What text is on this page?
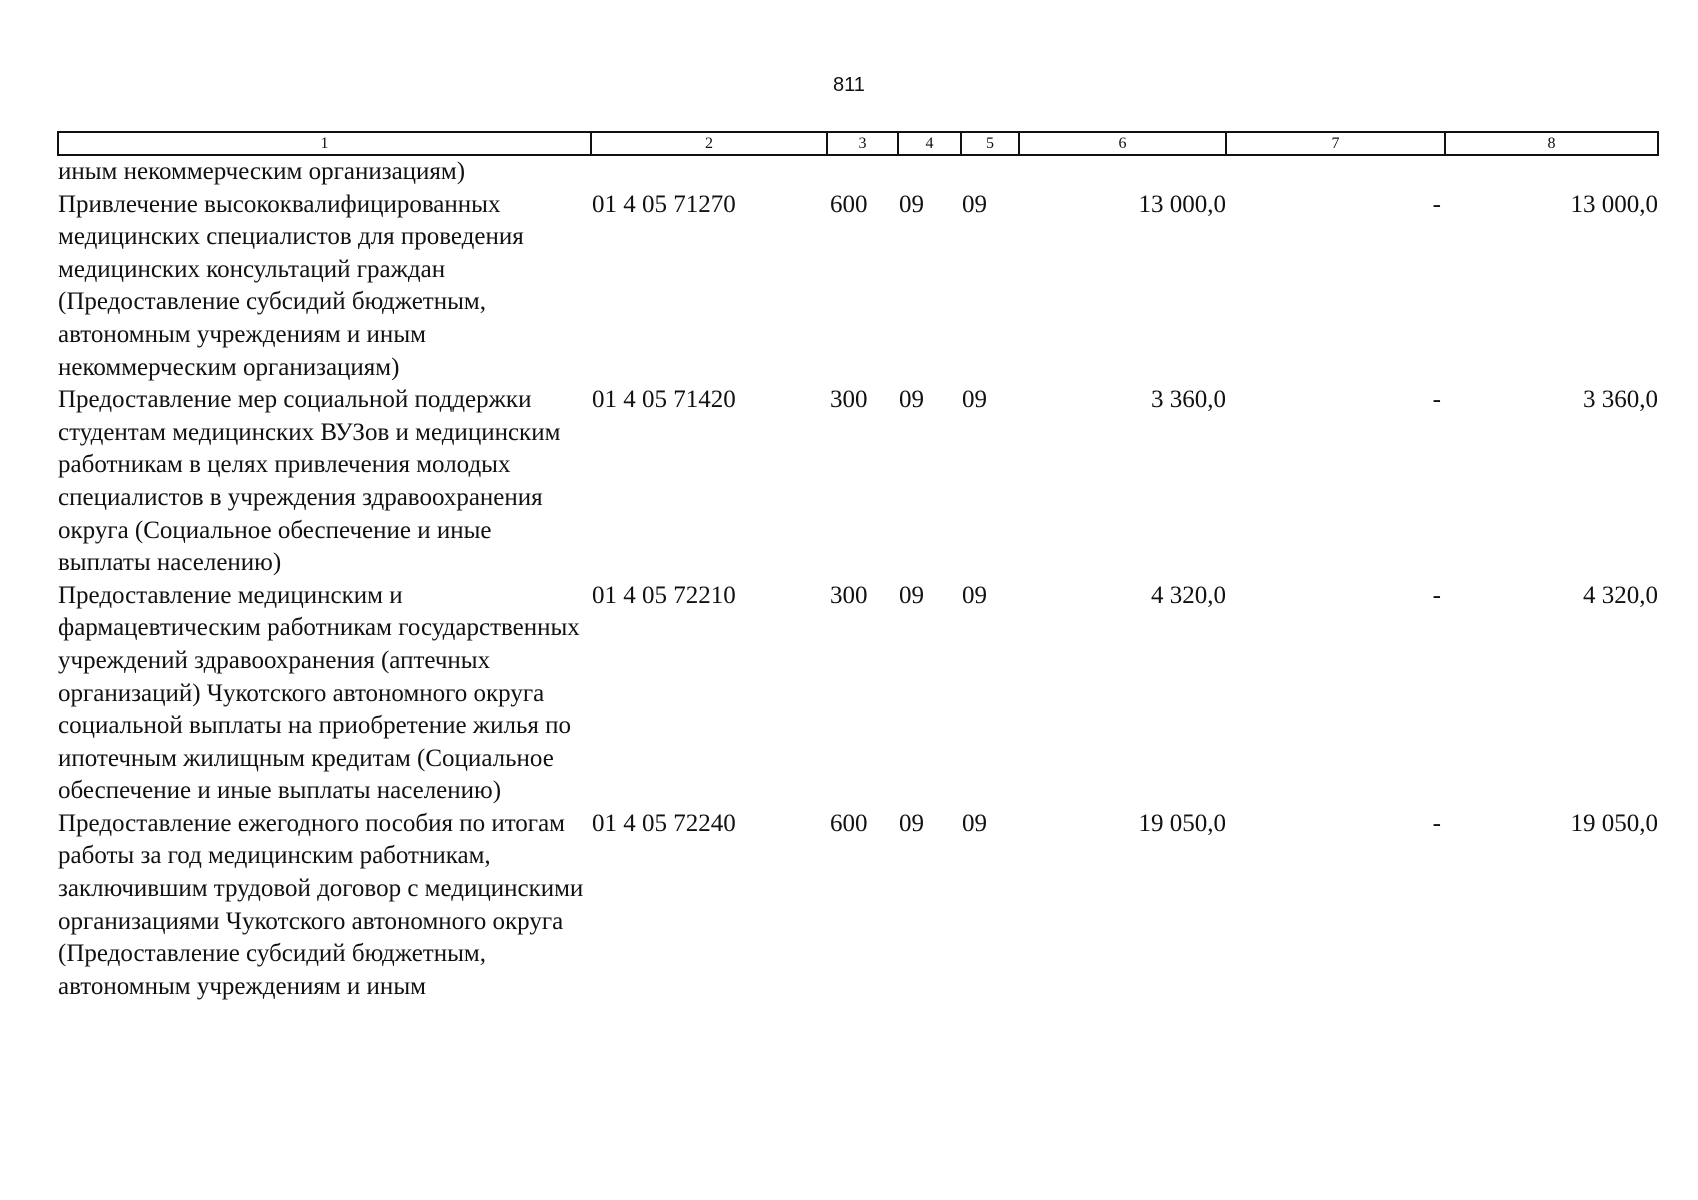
811
1	2	3	4	5	6	7	8
иным некоммерческим организациям)							
Привлечение высококвалифицированных медицинских специалистов для проведения медицинских консультаций граждан (Предоставление субсидий бюджетным, автономным учреждениям и иным некоммерческим организациям)	01 4 05 71270	600	09	09	13 000,0	-	13 000,0
Предоставление мер социальной поддержки студентам медицинских ВУЗов и медицинским работникам в целях привлечения молодых специалистов в учреждения здравоохранения округа (Социальное обеспечение и иные выплаты населению)	01 4 05 71420	300	09	09	3 360,0	-	3 360,0
Предоставление медицинским и фармацевтическим работникам государственных учреждений здравоохранения (аптечных организаций) Чукотского автономного округа социальной выплаты на приобретение жилья по ипотечным жилищным кредитам (Социальное обеспечение и иные выплаты населению)	01 4 05 72210	300	09	09	4 320,0	-	4 320,0
Предоставление ежегодного пособия по итогам работы за год медицинским работникам, заключившим трудовой договор с медицинскими организациями Чукотского автономного округа (Предоставление субсидий бюджетным, автономным учреждениям и иным	01 4 05 72240	600	09	09	19 050,0	-	19 050,0
